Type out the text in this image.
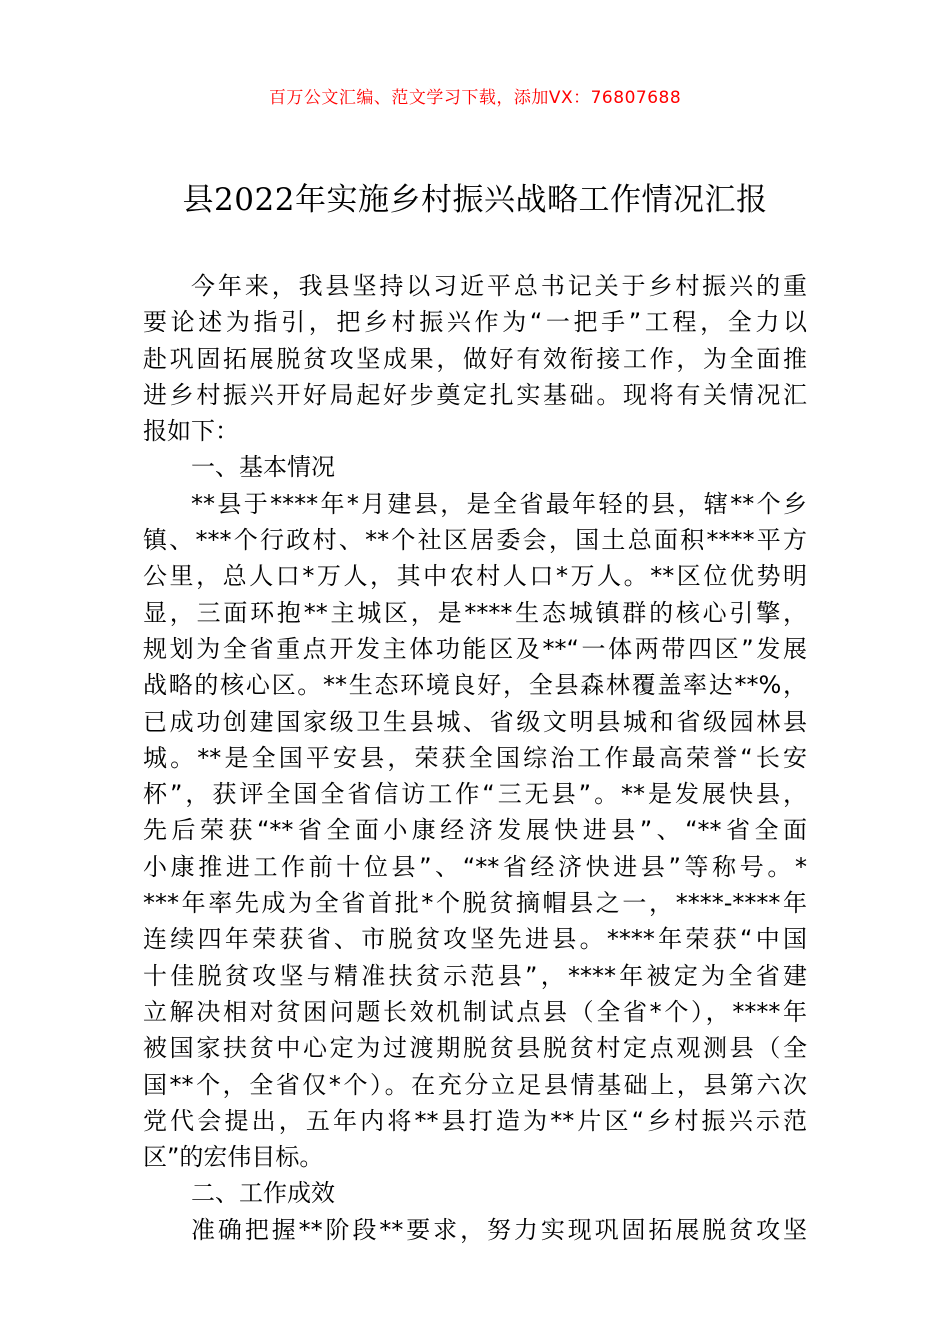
百万公文汇编、范文学习下载，添加VX：76807688
县2022年实施乡村振兴战略工作情况汇报
今年来，我县坚持以习近平总书记关于乡村振兴的重
要论述为指引，把乡村振兴作为“一把手”工程，全力以
赴巩固拓展脱贫攻坚成果，做好有效衔接工作，为全面推
进乡村振兴开好局起好步奠定扎实基础。现将有关情况汇
报如下：
一、基本情况
**县于****年*月建县，是全省最年轻的县，辖**个乡
镇、***个行政村、**个社区居委会，国土总面积****平方
公里，总人口*万人，其中农村人口*万人。**区位优势明
显，三面环抱**主城区，是****生态城镇群的核心引擎，
规划为全省重点开发主体功能区及**“一体两带四区”发展
战略的核心区。**生态环境良好，全县森林覆盖率达**%，
已成功创建国家级卫生县城、省级文明县城和省级园林县
城。**是全国平安县，荣获全国综治工作最高荣誉“长安
杯”，获评全国全省信访工作“三无县”。**是发展快县，
先后荣获“**省全面小康经济发展快进县”、“**省全面
小康推进工作前十位县”、“**省经济快进县”等称号。*
***年率先成为全省首批*个脱贫摘帽县之一，****-****年
连续四年荣获省、市脱贫攻坚先进县。****年荣获“中国
十佳脱贫攻坚与精准扶贫示范县”，****年被定为全省建
立解决相对贫困问题长效机制试点县（全省*个），****年
被国家扶贫中心定为过渡期脱贫县脱贫村定点观测县（全
国**个，全省仅*个）。在充分立足县情基础上，县第六次
党代会提出，五年内将**县打造为**片区“乡村振兴示范
区”的宏伟目标。
二、工作成效
准确把握**阶段**要求，努力实现巩固拓展脱贫攻坚
